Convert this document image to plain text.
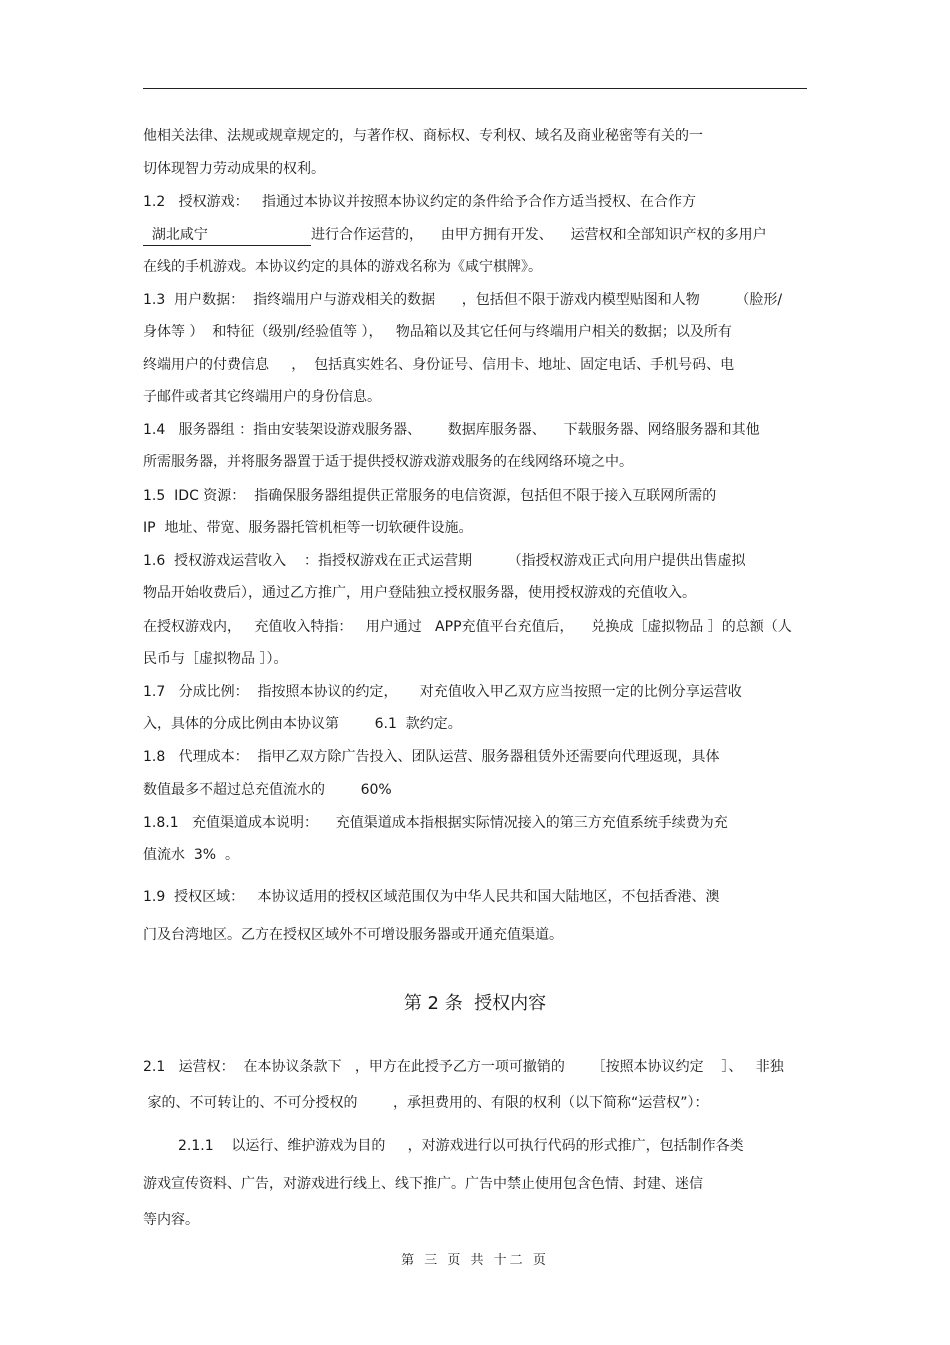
他相关法律、法规或规章规定的，与著作权、商标权、专利权、域名及商业秘密等有关的一
切体现智力劳动成果的权利。
1.2   授权游戏：   指通过本协议并按照本协议约定的条件给予合作方适当授权、在合作方
湖北咸宁	进行合作运营的，    由甲方拥有开发、    运营权和全部知识产权的多用户
在线的手机游戏。本协议约定的具体的游戏名称为《咸宁棋牌》。
1.3  用户数据：  指终端用户与游戏相关的数据      ，包括但不限于游戏内模型贴图和人物        （脸形/
身体等 ）  和特征（级别/经验值等 ），   物品箱以及其它任何与终端用户相关的数据；以及所有
终端用户的付费信息     ，  包括真实姓名、身份证号、信用卡、地址、固定电话、手机号码、电
子邮件或者其它终端用户的身份信息。
1.4   服务器组 ：指由安装架设游戏服务器、      数据库服务器、    下载服务器、网络服务器和其他
所需服务器，并将服务器置于适于提供授权游戏游戏服务的在线网络环境之中。
1.5  IDC 资源：  指确保服务器组提供正常服务的电信资源，包括但不限于接入互联网所需的
IP  地址、带宽、服务器托管机柜等一切软硬件设施。
1.6  授权游戏运营收入    ：指授权游戏在正式运营期        （指授权游戏正式向用户提供出售虚拟
物品开始收费后），通过乙方推广，用户登陆独立授权服务器，使用授权游戏的充值收入。
在授权游戏内，   充值收入特指：   用户通过   APP充值平台充值后，    兑换成［虚拟物品 ］的总额（人
民币与［虚拟物品 ］）。
1.7   分成比例：  指按照本协议的约定，     对充值收入甲乙双方应当按照一定的比例分享运营收
入，具体的分成比例由本协议第        6.1  款约定。
1.8   代理成本：  指甲乙双方除广告投入、团队运营、服务器租赁外还需要向代理返现，具体
数值最多不超过总充值流水的        60%
1.8.1   充值渠道成本说明：    充值渠道成本指根据实际情况接入的第三方充值系统手续费为充
值流水  3%  。
1.9  授权区域：   本协议适用的授权区域范围仅为中华人民共和国大陆地区，不包括香港、澳
门及台湾地区。乙方在授权区域外不可增设服务器或开通充值渠道。
第 2 条  授权内容
2.1   运营权：  在本协议条款下   ，甲方在此授予乙方一项可撤销的      ［按照本协议约定    ］、   非独
家的、不可转让的、不可分授权的        ，承担费用的、有限的权利（以下简称“运营权”）：
2.1.1    以运行、维护游戏为目的     ，对游戏进行以可执行代码的形式推广，包括制作各类
游戏宣传资料、广告，对游戏进行线上、线下推广。广告中禁止使用包含色情、封建、迷信
等内容。
第 三 页 共 十二 页
